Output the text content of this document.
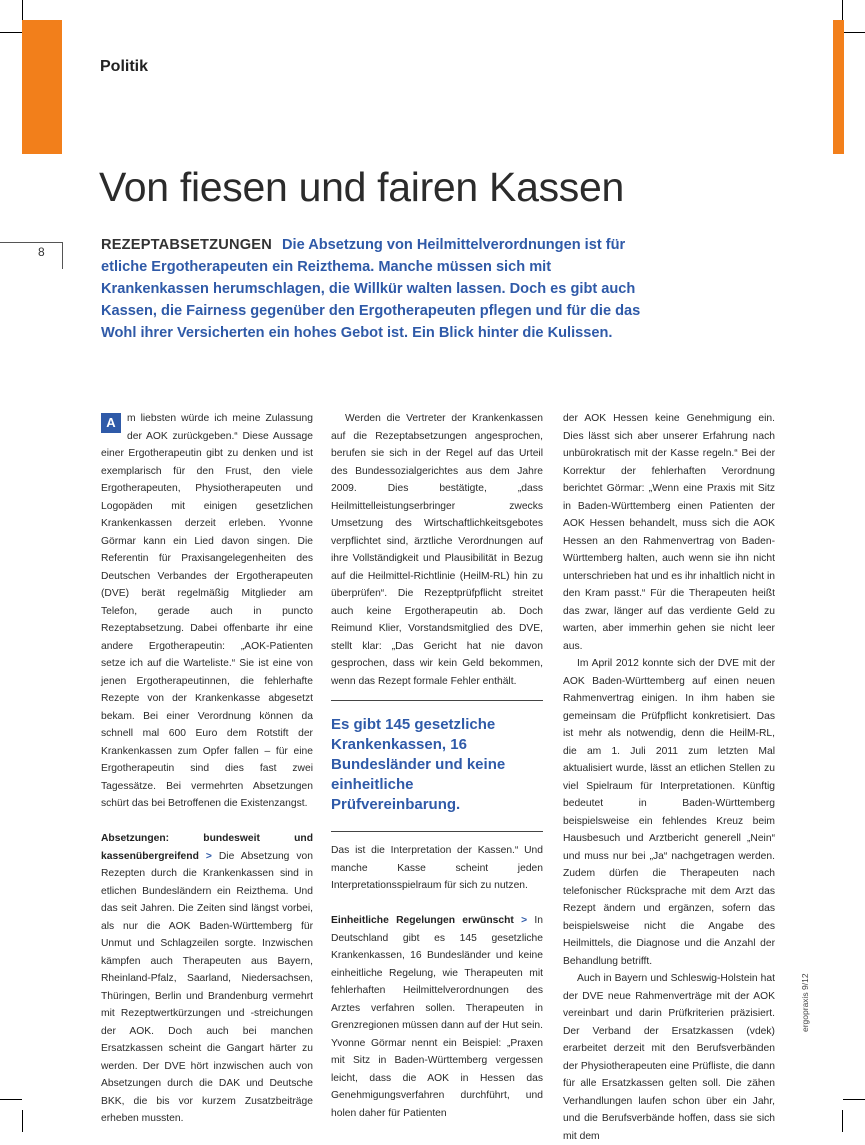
Politik
Von fiesen und fairen Kassen
8	REZEPTABSETZUNGEN Die Absetzung von Heilmittelverordnungen ist für etliche Ergotherapeuten ein Reizthema. Manche müssen sich mit Krankenkassen herumschlagen, die Willkür walten lassen. Doch es gibt auch Kassen, die Fairness gegenüber den Ergotherapeuten pflegen und für die das Wohl ihrer Versicherten ein hohes Gebot ist. Ein Blick hinter die Kulissen.

A	m liebsten würde ich meine Zulassung der AOK zurückgeben.“ Diese Aussage einer Ergotherapeutin gibt zu denken und ist exemplarisch für den Frust, den viele Ergotherapeuten, Physiotherapeuten und Logopäden mit einigen gesetzlichen Krankenkassen derzeit erleben. Yvonne Görmar kann ein Lied davon singen. Die Referentin für Praxisangelegenheiten des Deutschen Verbandes der Ergotherapeuten (DVE) berät regelmäßig Mitglieder am Telefon, gerade auch in puncto Rezeptabsetzung. Dabei offenbarte ihr eine andere Ergotherapeutin: „AOK-Patienten setze ich auf die Warteliste.“ Sie ist eine von jenen Ergotherapeutinnen, die fehlerhafte Rezepte von der Krankenkasse abgesetzt bekam. Bei einer Verordnung können da schnell mal 600 Euro dem Rotstift der Krankenkassen zum Opfer fallen – für eine Ergotherapeutin sind dies fast zwei Tagessätze. Bei vermehrten Absetzungen schürt das bei Betroffenen die Existenzangst.

Absetzungen: bundesweit und kassenübergreifend > Die Absetzung von Rezepten durch die Krankenkassen sind in etlichen Bundesländern ein Reizthema. Und das seit Jahren. Die Zeiten sind längst vorbei, als nur die AOK Baden-Württemberg für Unmut und Schlagzeilen sorgte. Inzwischen kämpfen auch Therapeuten aus Bayern, Rheinland-Pfalz, Saarland, Niedersachsen, Thüringen, Berlin und Brandenburg vermehrt mit Rezeptwertkürzungen und -streichungen der AOK. Doch auch bei manchen Ersatzkassen scheint die Gangart härter zu werden. Der DVE hört inzwischen auch von Absetzungen durch die DAK und Deutsche BKK, die bis vor kurzem Zusatzbeiträge erheben mussten.

Werden die Vertreter der Krankenkassen auf die Rezeptabsetzungen angesprochen, berufen sie sich in der Regel auf das Urteil des Bundessozialgerichtes aus dem Jahre 2009. Dies bestätigte, „dass Heilmittelleistungserbringer zwecks Umsetzung des Wirtschaftlichkeitsgebotes verpflichtet sind, ärztliche Verordnungen auf ihre Vollständigkeit und Plausibilität in Bezug auf die Heilmittel-Richtlinie (HeilM-RL) hin zu überprüfen“. Die Rezeptprüfpflicht streitet auch keine Ergotherapeutin ab. Doch Reimund Klier, Vorstandsmitglied des DVE, stellt klar: „Das Gericht hat nie davon gesprochen, dass wir kein Geld bekommen, wenn das Rezept formale Fehler enthält.

Es gibt 145 gesetzliche Krankenkassen, 16 Bundesländer und keine einheitliche Prüfvereinbarung.

Das ist die Interpretation der Kassen.“ Und manche Kasse scheint jeden Interpretationsspielraum für sich zu nutzen.

Einheitliche Regelungen erwünscht > In Deutschland gibt es 145 gesetzliche Krankenkassen, 16 Bundesländer und keine einheitliche Regelung, wie Therapeuten mit fehlerhaften Heilmittelverordnungen des Arztes verfahren sollen. Therapeuten in Grenzregionen müssen dann auf der Hut sein. Yvonne Görmar nennt ein Beispiel: „Praxen mit Sitz in Baden-Württemberg vergessen leicht, dass die AOK in Hessen das Genehmigungsverfahren durchführt, und holen daher für Patienten

der AOK Hessen keine Genehmigung ein. Dies lässt sich aber unserer Erfahrung nach unbürokratisch mit der Kasse regeln.“ Bei der Korrektur der fehlerhaften Verordnung berichtet Görmar: „Wenn eine Praxis mit Sitz in Baden-Württemberg einen Patienten der AOK Hessen behandelt, muss sich die AOK Hessen an den Rahmenvertrag von Baden-Württemberg halten, auch wenn sie ihn nicht unterschrieben hat und es ihr inhaltlich nicht in den Kram passt.“ Für die Therapeuten heißt das zwar, länger auf das verdiente Geld zu warten, aber immerhin gehen sie nicht leer aus.

Im April 2012 konnte sich der DVE mit der AOK Baden-Württemberg auf einen neuen Rahmenvertrag einigen. In ihm haben sie gemeinsam die Prüfpflicht konkretisiert. Das ist mehr als notwendig, denn die HeilM-RL, die am 1. Juli 2011 zum letzten Mal aktualisiert wurde, lässt an etlichen Stellen zu viel Spielraum für Interpretationen. Künftig bedeutet in Baden-Württemberg beispielsweise ein fehlendes Kreuz beim Hausbesuch und Arztbericht generell „Nein“ und muss nur bei „Ja“ nachgetragen werden. Zudem dürfen die Therapeuten nach telefonischer Rücksprache mit dem Arzt das Rezept ändern und ergänzen, sofern das beispielsweise nicht die Angabe des Heilmittels, die Diagnose und die Anzahl der Behandlung betrifft.

Auch in Bayern und Schleswig-Holstein hat der DVE neue Rahmenverträge mit der AOK vereinbart und darin Prüfkriterien präzisiert. Der Verband der Ersatzkassen (vdek) erarbeitet derzeit mit den Berufsverbänden der Physiotherapeuten eine Prüfliste, die dann für alle Ersatzkassen gelten soll. Die zähen Verhandlungen laufen schon über ein Jahr, und die Berufsverbände hoffen, dass sie sich mit dem

ergopraxis 9/12
